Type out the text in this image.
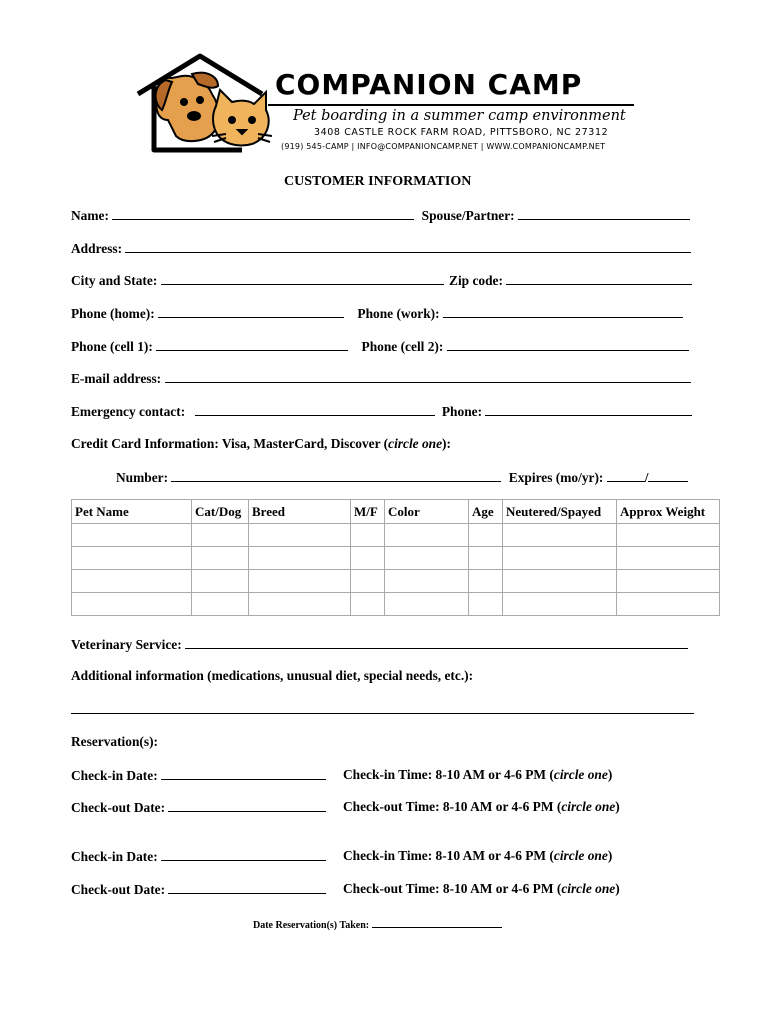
COMPANION CAMP
Pet boarding in a summer camp environment
3408 CASTLE ROCK FARM ROAD, PITTSBORO, NC 27312
(919) 545-CAMP | INFO@COMPANIONCAMP.NET | WWW.COMPANIONCAMP.NET
CUSTOMER INFORMATION
Name:	Spouse/Partner:
Address:
City and State:	Zip code:
Phone (home):	Phone (work):
Phone (cell 1):	Phone (cell 2):
E-mail address:
Emergency contact:	Phone:
Credit Card Information: Visa, MasterCard, Discover (circle one):
Number:	Expires (mo/yr):	/
Pet Name	Cat/Dog	Breed	M/F	Color	Age	Neutered/Spayed	Approx Weight

Veterinary Service:
Additional information (medications, unusual diet, special needs, etc.):
Reservation(s):
Check-in Date:	Check-in Time: 8-10 AM or 4-6 PM (circle one)
Check-out Date:	Check-out Time: 8-10 AM or 4-6 PM (circle one)
Check-in Date:	Check-in Time: 8-10 AM or 4-6 PM (circle one)
Check-out Date:	Check-out Time: 8-10 AM or 4-6 PM (circle one)
Date Reservation(s) Taken:
